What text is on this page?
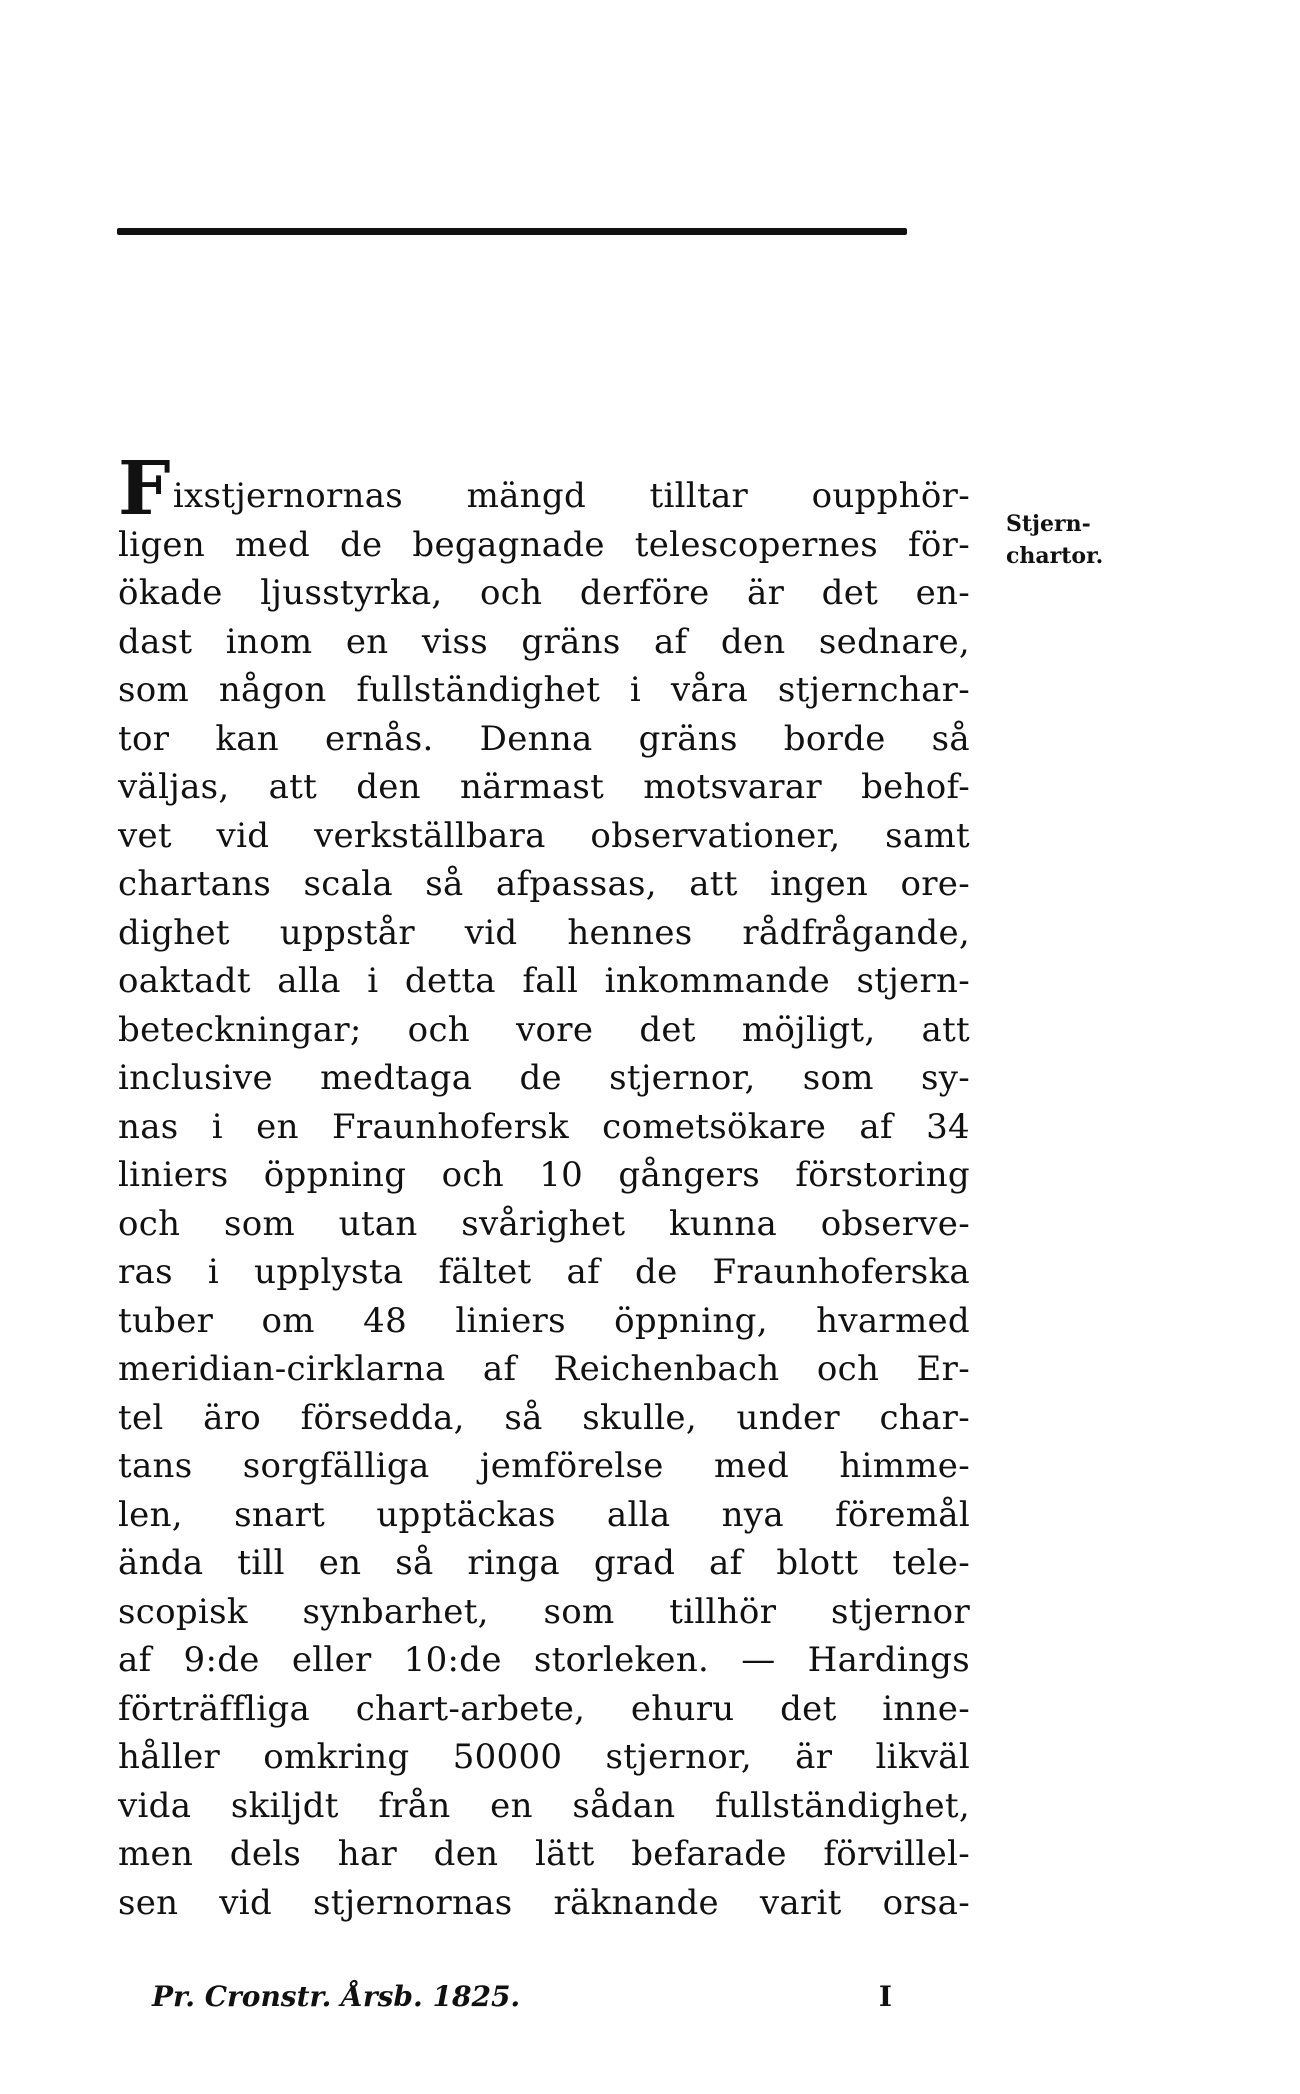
Stjern-
chartor.
Fixstjernornas mängd tilltar oupphör-
ligen med de begagnade telescopernes för-
ökade ljusstyrka, och derföre är det en-
dast inom en viss gräns af den sednare,
som någon fullständighet i våra stjernchar-
tor kan ernås. Denna gräns borde så
väljas, att den närmast motsvarar behof-
vet vid verkställbara observationer, samt
chartans scala så afpassas, att ingen ore-
dighet uppstår vid hennes rådfrågande,
oaktadt alla i detta fall inkommande stjern-
beteckningar; och vore det möjligt, att
inclusive medtaga de stjernor, som sy-
nas i en Fraunhofersk cometsökare af 34
liniers öppning och 10 gångers förstoring
och som utan svårighet kunna observe-
ras i upplysta fältet af de Fraunhoferska
tuber om 48 liniers öppning, hvarmed
meridian-cirklarna af Reichenbach och Er-
tel äro försedda, så skulle, under char-
tans sorgfälliga jemförelse med himme-
len, snart upptäckas alla nya föremål
ända till en så ringa grad af blott tele-
scopisk synbarhet, som tillhör stjernor
af 9:de eller 10:de storleken. — Hardings
förträffliga chart-arbete, ehuru det inne-
håller omkring 50000 stjernor, är likväl
vida skiljdt från en sådan fullständighet,
men dels har den lätt befarade förvillel-
sen vid stjernornas räknande varit orsa-
Pr. Cronstr. Årsb. 1825.	I
